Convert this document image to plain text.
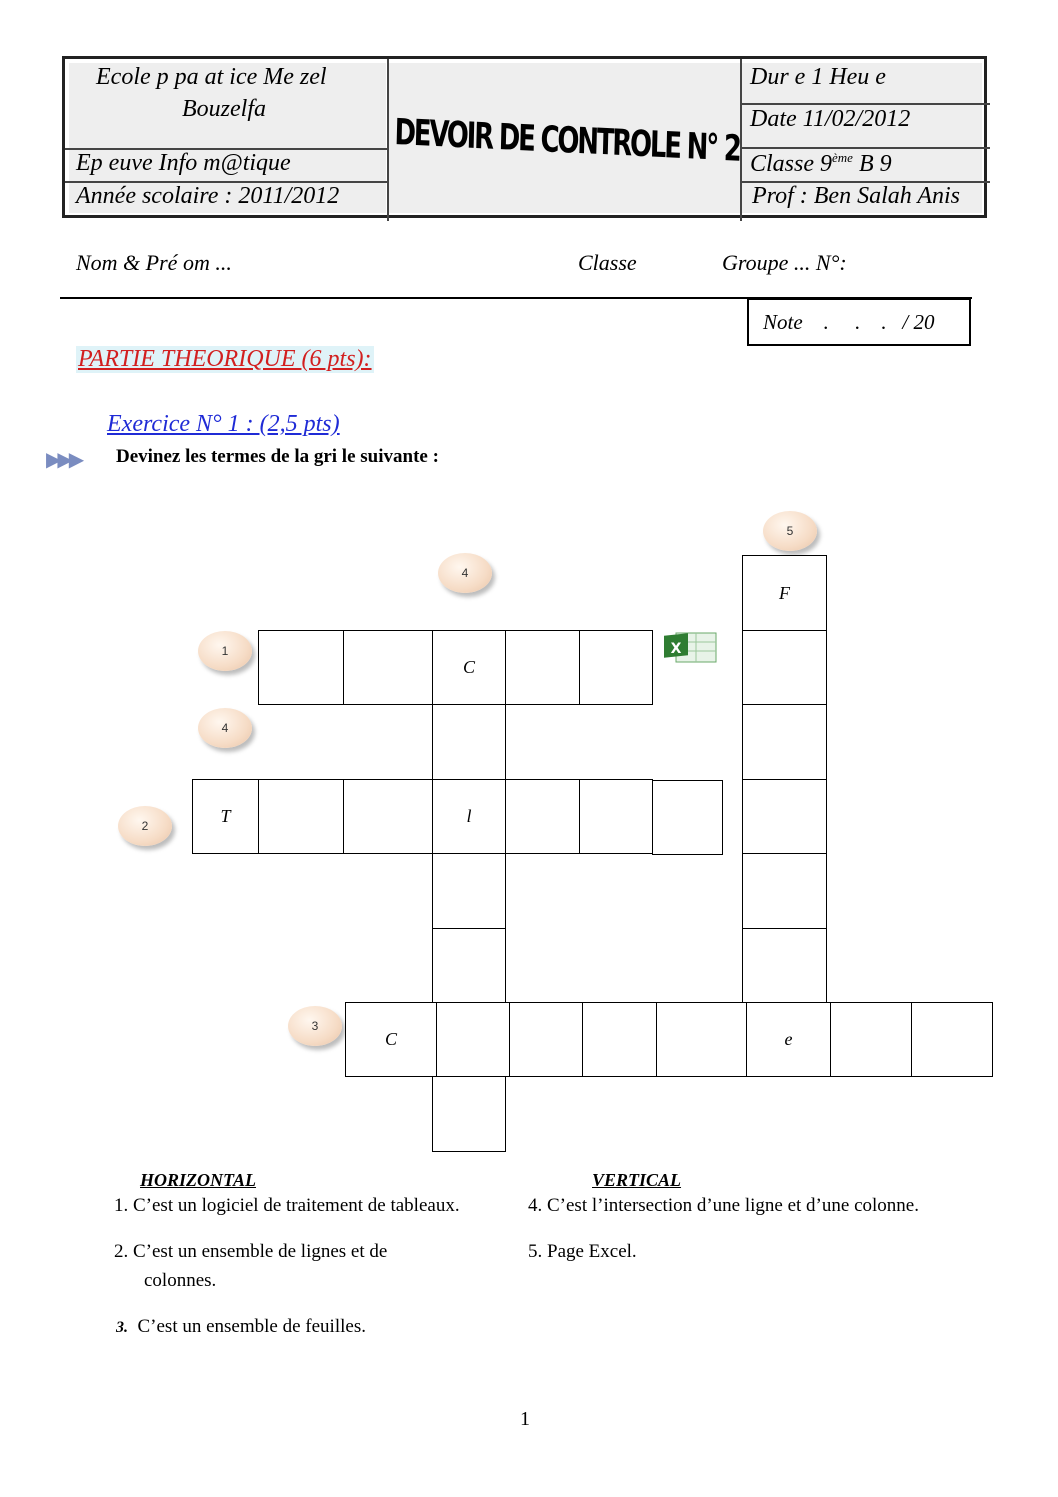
Ecole p pa at ice Me zel
Bouzelfa
Ep euve Info m@tique
Année scolaire : 2011/2012
DEVOIR DE CONTROLE N° 2
Dur e 1 Heu e
Date 11/02/2012
Classe 9ème B 9
Prof : Ben Salah Anis
Nom & Pré om ...	Classe	Groupe ... N°:
Note    .     .    .   / 20
PARTIE THEORIQUE (6 pts):
Exercice N° 1 : (2,5 pts)
▶▶▶ Devinez les termes de la gri le suivante :
5
4
1
4
2
3
X
C
T	l
F
C	e
HORIZONTAL	VERTICAL
1. C’est un logiciel de traitement de tableaux.	4. C’est l’intersection d’une ligne et d’une colonne.
2. C’est un ensemble de lignes et de
colonnes.
5. Page Excel.
3. C’est un ensemble de feuilles.
1
